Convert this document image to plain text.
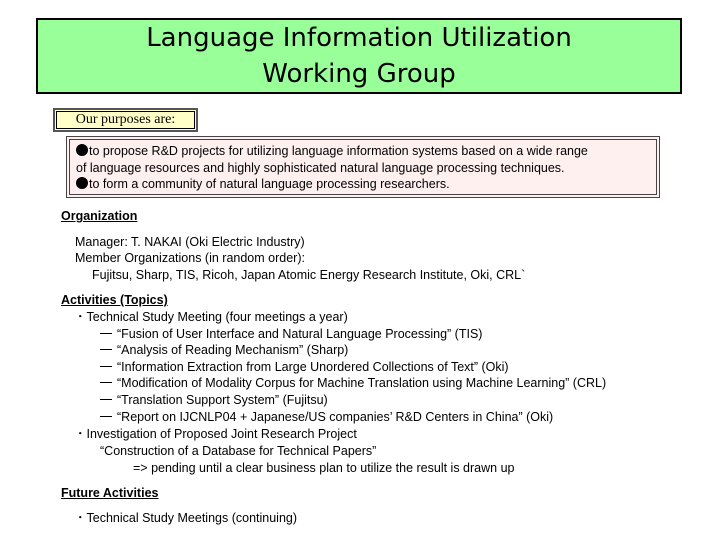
Language Information Utilization
Working Group
Our purposes are:
to propose R&D projects for utilizing language information systems based on a wide range
of language resources and highly sophisticated natural language processing techniques.
to form a community of natural language processing researchers.
Organization
Manager: T. NAKAI (Oki Electric Industry)
Member Organizations (in random order):
Fujitsu, Sharp, TIS, Ricoh, Japan Atomic Energy Research Institute, Oki, CRL`
Activities (Topics)
・Technical Study Meeting (four meetings a year)
“Fusion of User Interface and Natural Language Processing” (TIS)
“Analysis of Reading Mechanism” (Sharp)
“Information Extraction from Large Unordered Collections of Text” (Oki)
“Modification of Modality Corpus for Machine Translation using Machine Learning” (CRL)
“Translation Support System” (Fujitsu)
“Report on IJCNLP04 + Japanese/US companies’ R&D Centers in China” (Oki)
・Investigation of Proposed Joint Research Project
“Construction of a Database for Technical Papers”
=> pending until a clear business plan to utilize the result is drawn up
Future Activities
・Technical Study Meetings (continuing)
